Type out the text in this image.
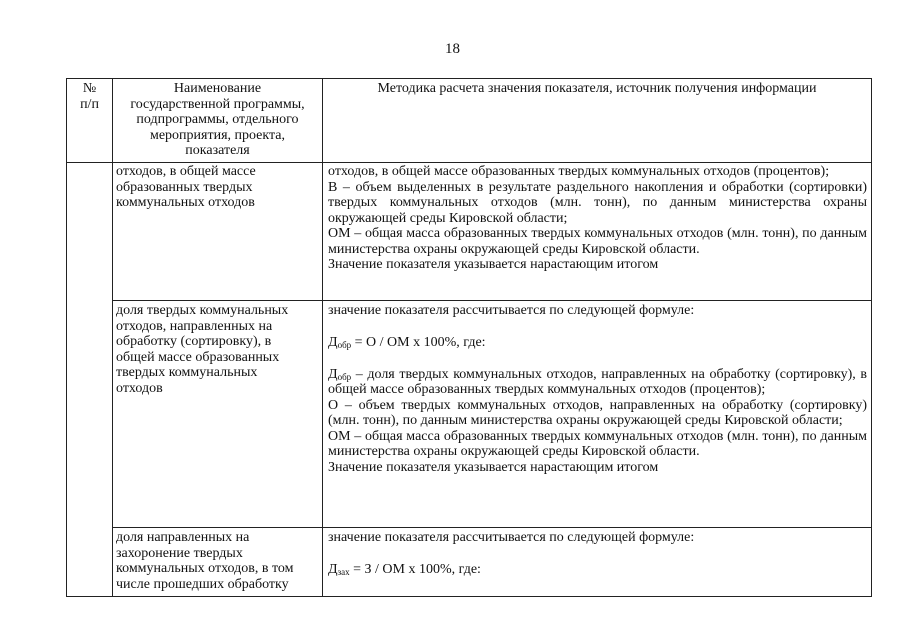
18
№
п/п
Наименование
государственной программы,
подпрограммы, отдельного
мероприятия, проекта,
показателя
Методика расчета значения показателя, источник получения информации
отходов, в общей массе
образованных твердых
коммунальных отходов
отходов, в общей массе образованных твердых коммунальных отходов (процентов);
В – объем выделенных в результате раздельного накопления и обработки (сортировки) твердых коммунальных отходов (млн. тонн), по данным министерства охраны окружающей среды Кировской области;
ОМ – общая масса образованных твердых коммунальных отходов (млн. тонн), по данным министерства охраны окружающей среды Кировской области.
Значение показателя указывается нарастающим итогом
доля твердых коммунальных
отходов, направленных на
обработку (сортировку), в
общей массе образованных
твердых коммунальных
отходов
значение показателя рассчитывается по следующей формуле:
$Д_{обр} = О$ / ОМ х 100%, где:
$Д_{обр}$ – доля твердых коммунальных отходов, направленных на обработку (сортировку), в общей массе образованных твердых коммунальных отходов (процентов);
О – объем твердых коммунальных отходов, направленных на обработку (сортировку) (млн. тонн), по данным министерства охраны окружающей среды Кировской области;
ОМ – общая масса образованных твердых коммунальных отходов (млн. тонн), по данным министерства охраны окружающей среды Кировской области.
Значение показателя указывается нарастающим итогом
доля направленных на
захоронение твердых
коммунальных отходов, в том
числе прошедших обработку
значение показателя рассчитывается по следующей формуле:
$Д_{зах} = З$ / ОМ х 100%, где:
